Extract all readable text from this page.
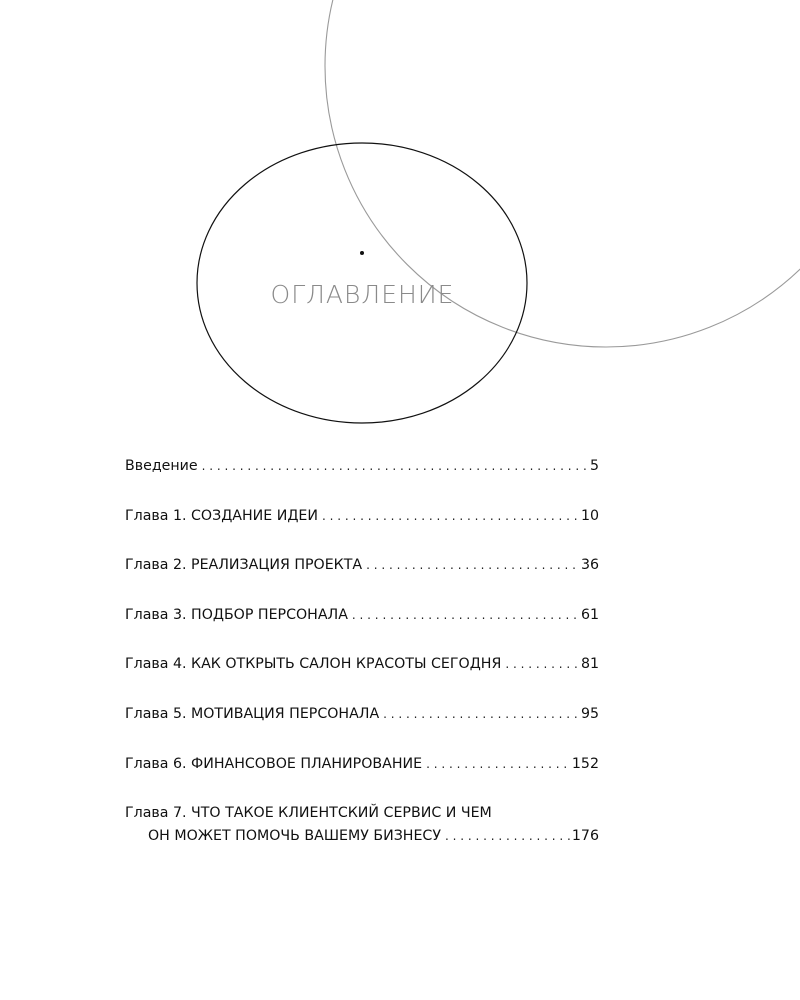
ОГЛАВЛЕНИЕ
Введение . . .	5
Глава 1. СОЗДАНИЕ ИДЕИ . . .	10
Глава 2. РЕАЛИЗАЦИЯ ПРОЕКТА . . .	36
Глава 3. ПОДБОР ПЕРСОНАЛА . . .	61
Глава 4. КАК ОТКРЫТЬ САЛОН КРАСОТЫ СЕГОДНЯ . . .	81
Глава 5. МОТИВАЦИЯ ПЕРСОНАЛА . . .	95
Глава 6. ФИНАНСОВОЕ ПЛАНИРОВАНИЕ . . .	152
Глава 7. ЧТО ТАКОЕ КЛИЕНТСКИЙ СЕРВИС И ЧЕМ
ОН МОЖЕТ ПОМОЧЬ ВАШЕМУ БИЗНЕСУ . . .	176
